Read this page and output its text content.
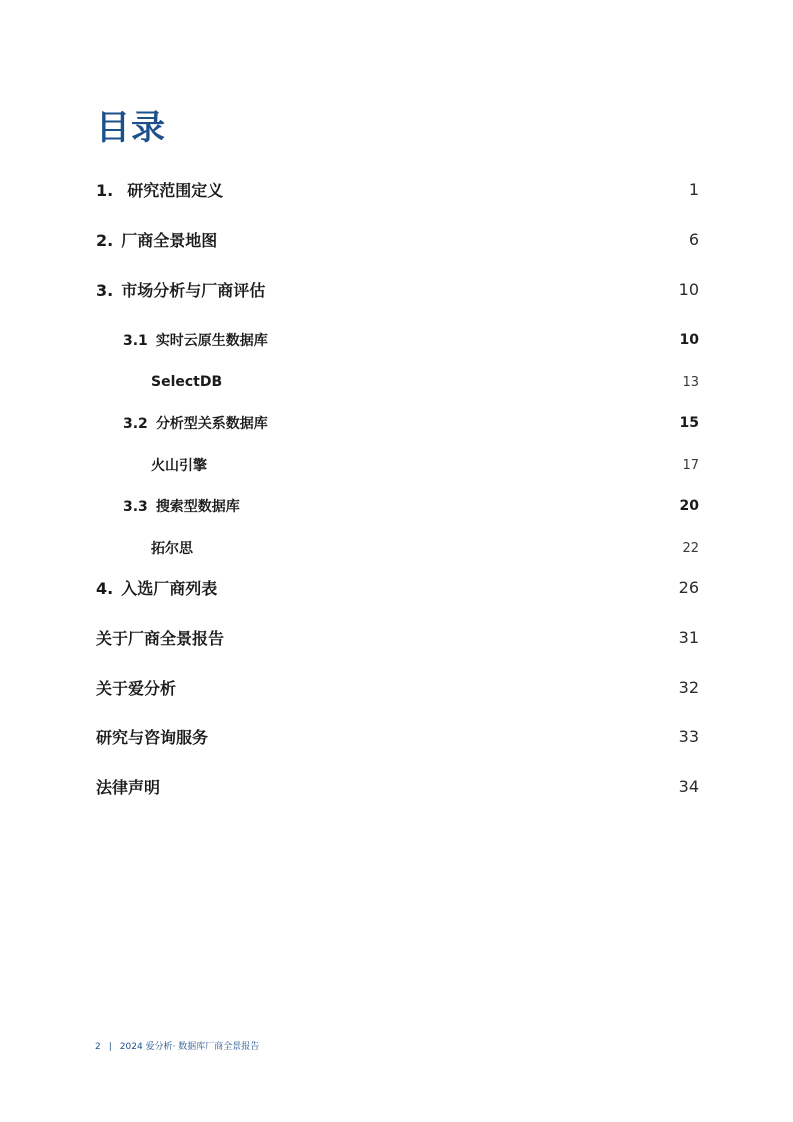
目录
1. 研究范围定义	1
2. 厂商全景地图	6
3. 市场分析与厂商评估	10
3.1 实时云原生数据库	10
SelectDB	13
3.2 分析型关系数据库	15
火山引擎	17
3.3 搜索型数据库	20
拓尔思	22
4. 入选厂商列表	26
关于厂商全景报告	31
关于爱分析	32
研究与咨询服务	33
法律声明	34
2 | 2024 爱分析· 数据库厂商全景报告
